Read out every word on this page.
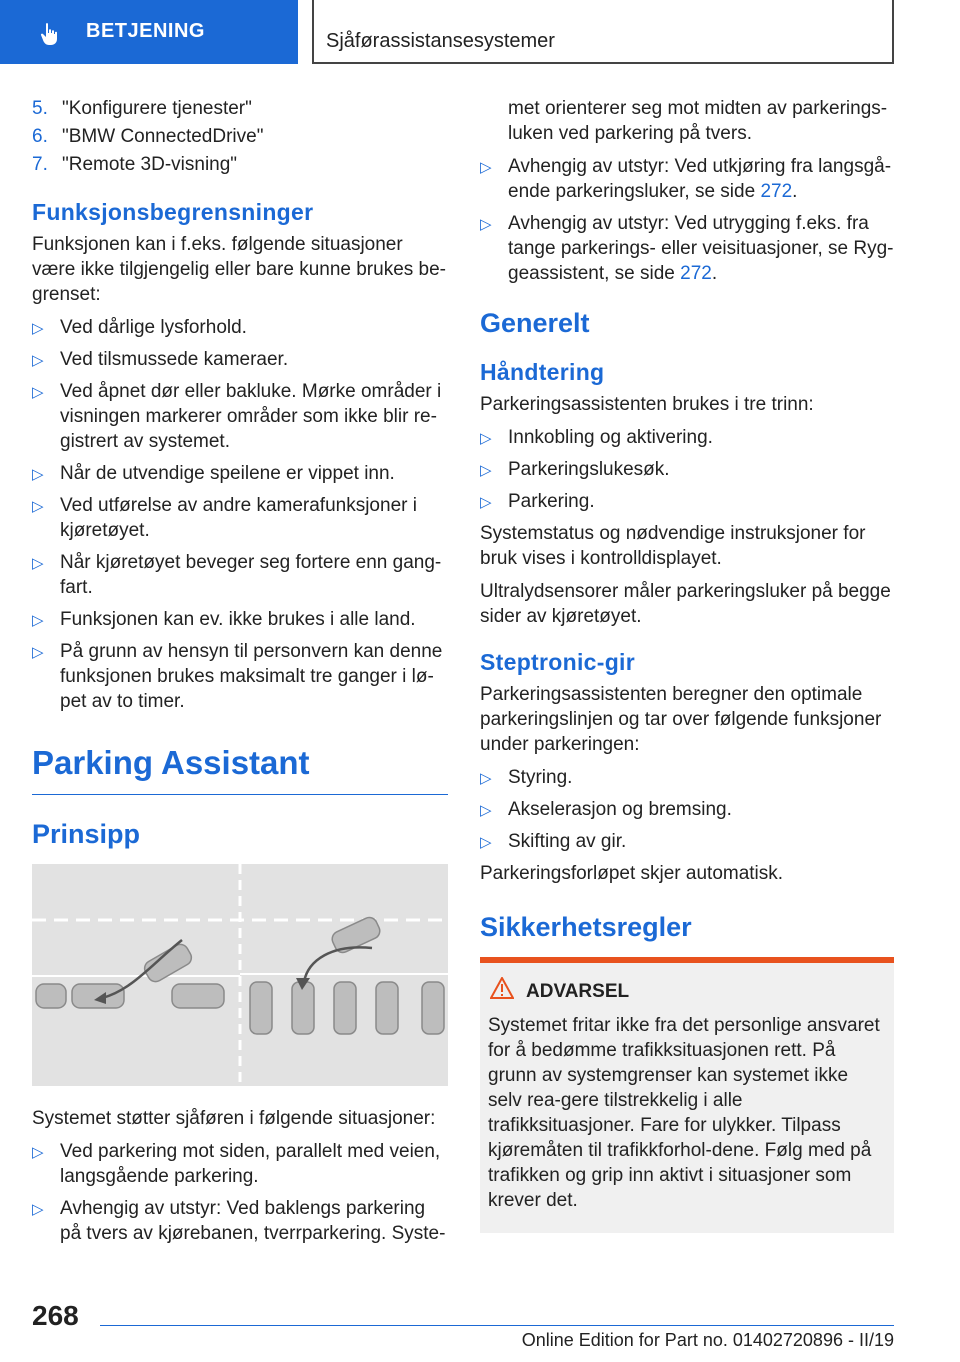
BETJENING	Sjåførassistansesystemer
5. "Konfigurere tjenester"
6. "BMW ConnectedDrive"
7. "Remote 3D-visning"
Funksjonsbegrensninger

Funksjonen kan i f.eks. følgende situasjoner være ikke tilgjengelig eller bare kunne brukes be-grenset:

▷ Ved dårlige lysforhold.
▷ Ved tilsmussede kameraer.
▷ Ved åpnet dør eller bakluke. Mørke områder i visningen markerer områder som ikke blir re-gistrert av systemet.
▷ Når de utvendige speilene er vippet inn.
▷ Ved utførelse av andre kamerafunksjoner i kjøretøyet.
▷ Når kjøretøyet beveger seg fortere enn gang-fart.
▷ Funksjonen kan ev. ikke brukes i alle land.
▷ På grunn av hensyn til personvern kan denne funksjonen brukes maksimalt tre ganger i lø-pet av to timer.
Parking Assistant
Prinsipp

Systemet støtter sjåføren i følgende situasjoner:

▷ Ved parkering mot siden, parallelt med veien, langsgående parkering.
▷ Avhengig av utstyr: Ved baklengs parkering på tvers av kjørebanen, tverrparkering. Syste-

met orienterer seg mot midten av parkerings-luken ved parkering på tvers.

▷ Avhengig av utstyr: Ved utkjøring fra langsgå-ende parkeringsluker, se side 272.
▷ Avhengig av utstyr: Ved utrygging f.eks. fra tange parkerings- eller veisituasjoner, se Ryg-geassistent, se side 272.
Generelt
Håndtering

Parkeringsassistenten brukes i tre trinn:

▷ Innkobling og aktivering.
▷ Parkeringslukesøk.
▷ Parkering.

Systemstatus og nødvendige instruksjoner for bruk vises i kontrolldisplayet.

Ultralydsensorer måler parkeringsluker på begge sider av kjøretøyet.

Steptronic-gir

Parkeringsassistenten beregner den optimale parkeringslinjen og tar over følgende funksjoner under parkeringen:

▷ Styring.
▷ Akselerasjon og bremsing.
▷ Skifting av gir.

Parkeringsforløpet skjer automatisk.

Sikkerhetsregler
ADVARSEL
Systemet fritar ikke fra det personlige ansvaret for å bedømme trafikksituasjonen rett. På grunn av systemgrenser kan systemet ikke selv rea-gere tilstrekkelig i alle trafikksituasjoner. Fare for ulykker. Tilpass kjøremåten til trafikkforhol-dene. Følg med på trafikken og grip inn aktivt i situasjoner som krever det.
268
Online Edition for Part no. 01402720896 - II/19
